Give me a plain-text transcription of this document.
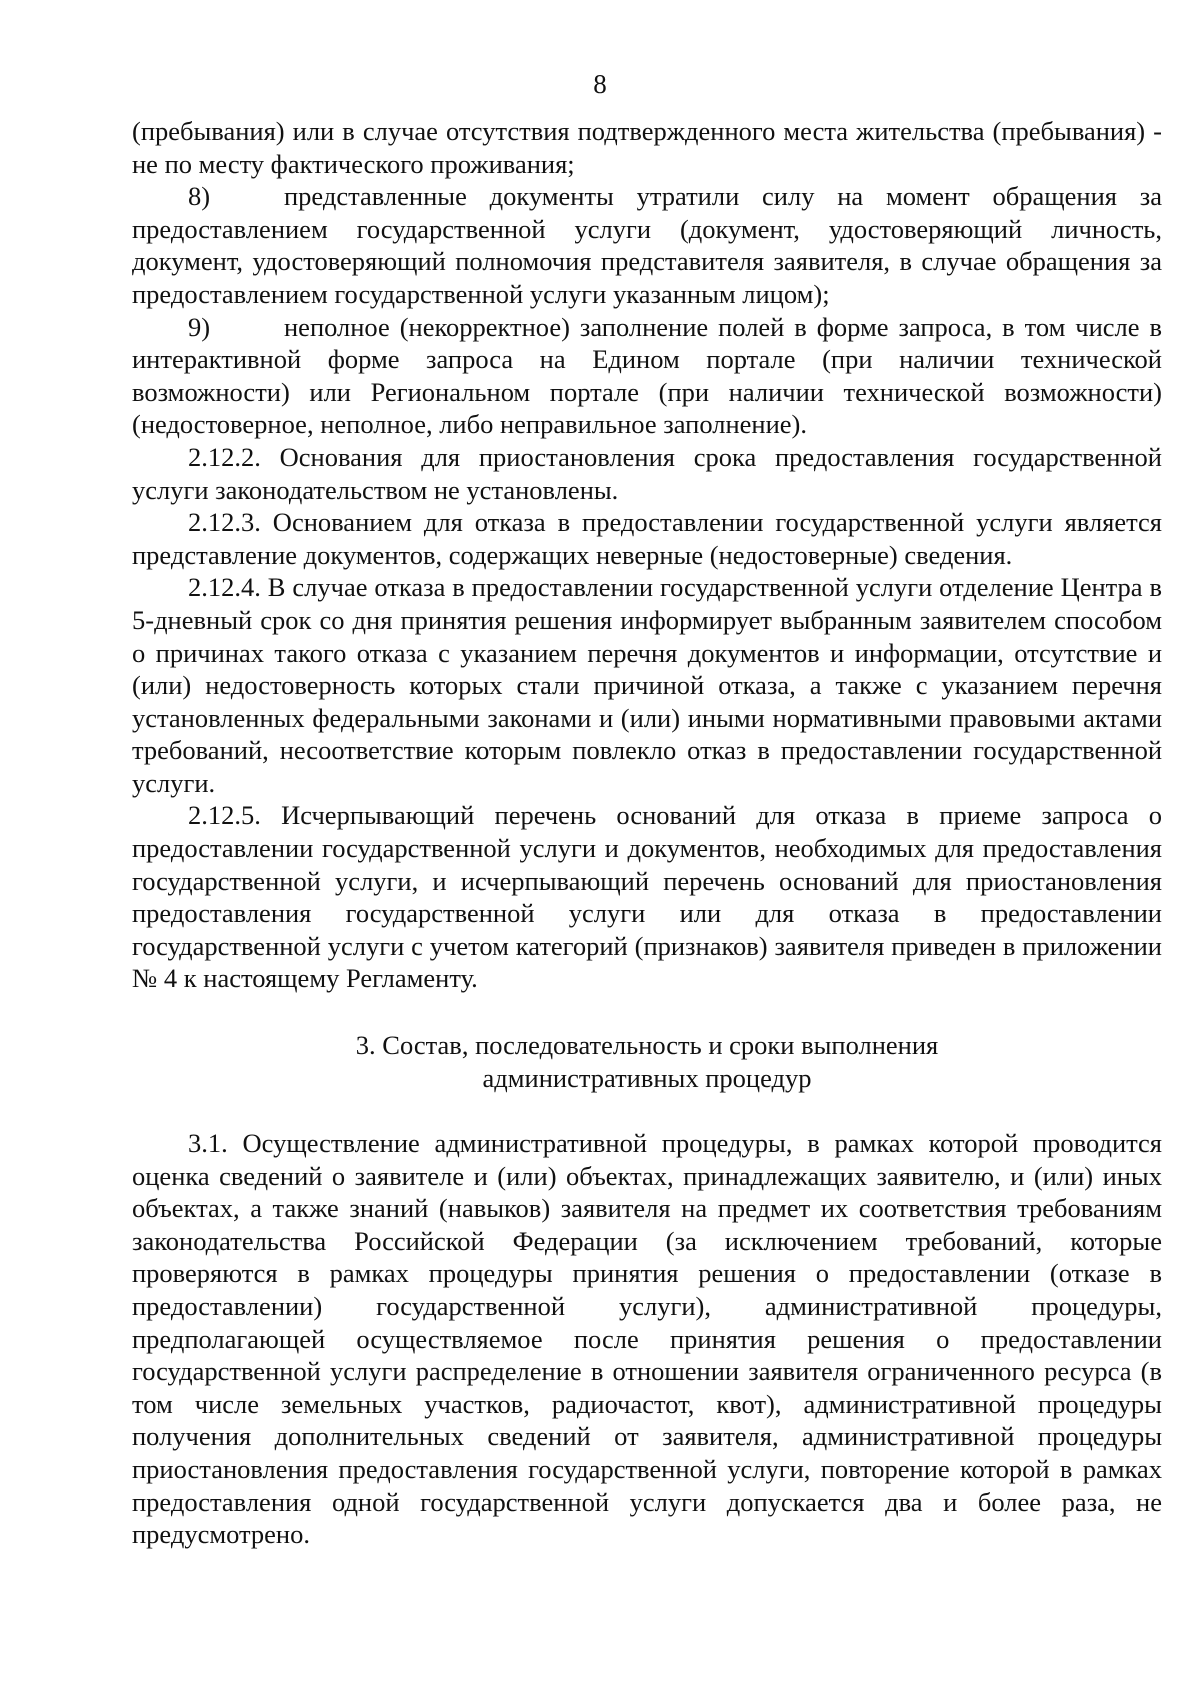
8

(пребывания) или в случае отсутствия подтвержденного места жительства (пребывания) - не по месту фактического проживания;

8)	представленные документы утратили силу на момент обращения за предоставлением государственной услуги (документ, удостоверяющий личность, документ, удостоверяющий полномочия представителя заявителя, в случае обращения за предоставлением государственной услуги указанным лицом);

9)	неполное (некорректное) заполнение полей в форме запроса, в том числе в интерактивной форме запроса на Едином портале (при наличии технической возможности) или Региональном портале (при наличии технической возможности) (недостоверное, неполное, либо неправильное заполнение).

2.12.2. Основания для приостановления срока предоставления государственной услуги законодательством не установлены.

2.12.3. Основанием для отказа в предоставлении государственной услуги является представление документов, содержащих неверные (недостоверные) сведения.

2.12.4. В случае отказа в предоставлении государственной услуги отделение Центра в 5-дневный срок со дня принятия решения информирует выбранным заявителем способом о причинах такого отказа с указанием перечня документов и информации, отсутствие и (или) недостоверность которых стали причиной отказа, а также с указанием перечня установленных федеральными законами и (или) иными нормативными правовыми актами требований, несоответствие которым повлекло отказ в предоставлении государственной услуги.

2.12.5. Исчерпывающий перечень оснований для отказа в приеме запроса о предоставлении государственной услуги и документов, необходимых для предоставления государственной услуги, и исчерпывающий перечень оснований для приостановления предоставления государственной услуги или для отказа в предоставлении государственной услуги с учетом категорий (признаков) заявителя приведен в приложении № 4 к настоящему Регламенту.

3. Состав, последовательность и сроки выполнения
административных процедур

3.1. Осуществление административной процедуры, в рамках которой проводится оценка сведений о заявителе и (или) объектах, принадлежащих заявителю, и (или) иных объектах, а также знаний (навыков) заявителя на предмет их соответствия требованиям законодательства Российской Федерации (за исключением требований, которые проверяются в рамках процедуры принятия решения о предоставлении (отказе в предоставлении) государственной услуги), административной процедуры, предполагающей осуществляемое после принятия решения о предоставлении государственной услуги распределение в отношении заявителя ограниченного ресурса (в том числе земельных участков, радиочастот, квот), административной процедуры получения дополнительных сведений от заявителя, административной процедуры приостановления предоставления государственной услуги, повторение которой в рамках предоставления одной государственной услуги допускается два и более раза, не предусмотрено.
